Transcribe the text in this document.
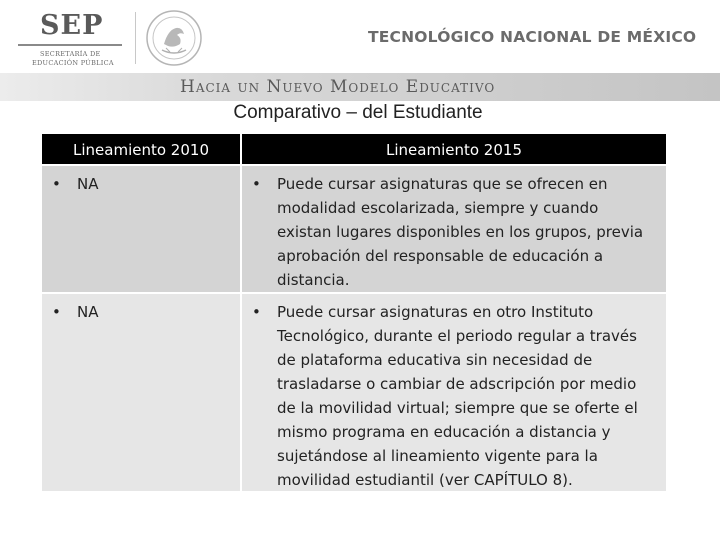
SEP
SECRETARÍA DE
EDUCACIÓN PÚBLICA
TECNOLÓGICO NACIONAL DE MÉXICO
Hacia un Nuevo Modelo Educativo
Comparativo – del Estudiante
Lineamiento 2010	Lineamiento 2015
• NA	• Puede cursar asignaturas que se ofrecen en modalidad escolarizada, siempre y cuando existan lugares disponibles en los grupos, previa aprobación del responsable de educación a distancia.
• NA	• Puede cursar asignaturas en otro Instituto Tecnológico, durante el periodo regular a través de plataforma educativa sin necesidad de trasladarse o cambiar de adscripción por medio de la movilidad virtual; siempre que se oferte el mismo programa en educación a distancia y sujetándose al lineamiento vigente para la movilidad estudiantil (ver CAPÍTULO 8).
